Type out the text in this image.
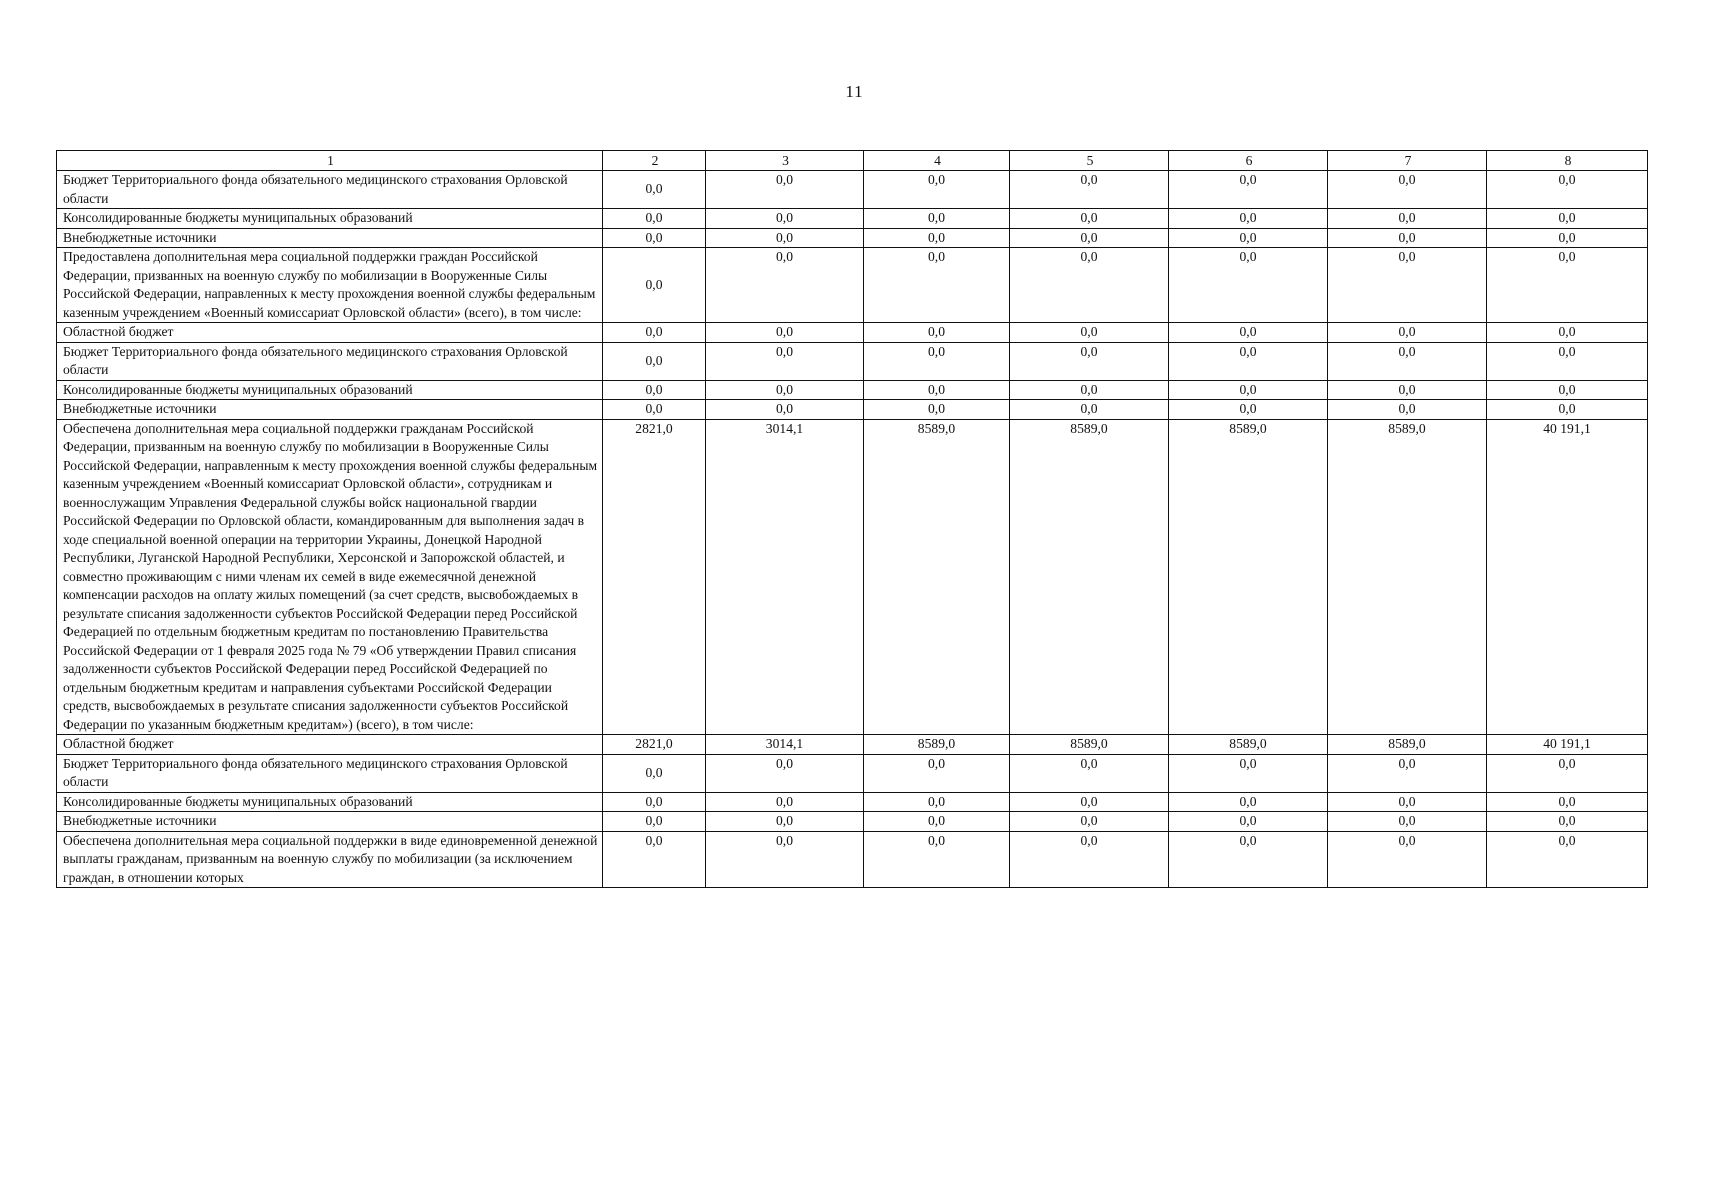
11
1	2	3	4	5	6	7	8
Бюджет Территориального фонда обязательного медицинского страхования Орловской области	0,0	0,0	0,0	0,0	0,0	0,0	0,0
Консолидированные бюджеты муниципальных образований	0,0	0,0	0,0	0,0	0,0	0,0	0,0
Внебюджетные источники	0,0	0,0	0,0	0,0	0,0	0,0	0,0
Предоставлена дополнительная мера социальной поддержки граждан Российской Федерации, призванных на военную службу по мобилизации в Вооруженные Силы Российской Федерации, направленных к месту прохождения военной службы федеральным казенным учреждением «Военный комиссариат Орловской области» (всего), в том числе:	0,0	0,0	0,0	0,0	0,0	0,0	0,0
Областной бюджет	0,0	0,0	0,0	0,0	0,0	0,0	0,0
Бюджет Территориального фонда обязательного медицинского страхования Орловской области	0,0	0,0	0,0	0,0	0,0	0,0	0,0
Консолидированные бюджеты муниципальных образований	0,0	0,0	0,0	0,0	0,0	0,0	0,0
Внебюджетные источники	0,0	0,0	0,0	0,0	0,0	0,0	0,0
Обеспечена дополнительная мера социальной поддержки гражданам Российской Федерации, призванным на военную службу по мобилизации в Вооруженные Силы Российской Федерации, направленным к месту прохождения военной службы федеральным казенным учреждением «Военный комиссариат Орловской области», сотрудникам и военнослужащим Управления Федеральной службы войск национальной гвардии Российской Федерации по Орловской области, командированным для выполнения задач в ходе специальной военной операции на территории Украины, Донецкой Народной Республики, Луганской Народной Республики, Херсонской и Запорожской областей, и совместно проживающим с ними членам их семей в виде ежемесячной денежной компенсации расходов на оплату жилых помещений (за счет средств, высвобождаемых в результате списания задолженности субъектов Российской Федерации перед Российской Федерацией по отдельным бюджетным кредитам по постановлению Правительства Российской Федерации от 1 февраля 2025 года № 79 «Об утверждении Правил списания задолженности субъектов Российской Федерации перед Российской Федерацией по отдельным бюджетным кредитам и направления субъектами Российской Федерации средств, высвобождаемых в результате списания задолженности субъектов Российской Федерации по указанным бюджетным кредитам») (всего), в том числе:	2821,0	3014,1	8589,0	8589,0	8589,0	8589,0	40 191,1
Областной бюджет	2821,0	3014,1	8589,0	8589,0	8589,0	8589,0	40 191,1
Бюджет Территориального фонда обязательного медицинского страхования Орловской области	0,0	0,0	0,0	0,0	0,0	0,0	0,0
Консолидированные бюджеты муниципальных образований	0,0	0,0	0,0	0,0	0,0	0,0	0,0
Внебюджетные источники	0,0	0,0	0,0	0,0	0,0	0,0	0,0
Обеспечена дополнительная мера социальной поддержки в виде единовременной денежной выплаты гражданам, призванным на военную службу по мобилизации (за исключением граждан, в отношении которых	0,0	0,0	0,0	0,0	0,0	0,0	0,0
